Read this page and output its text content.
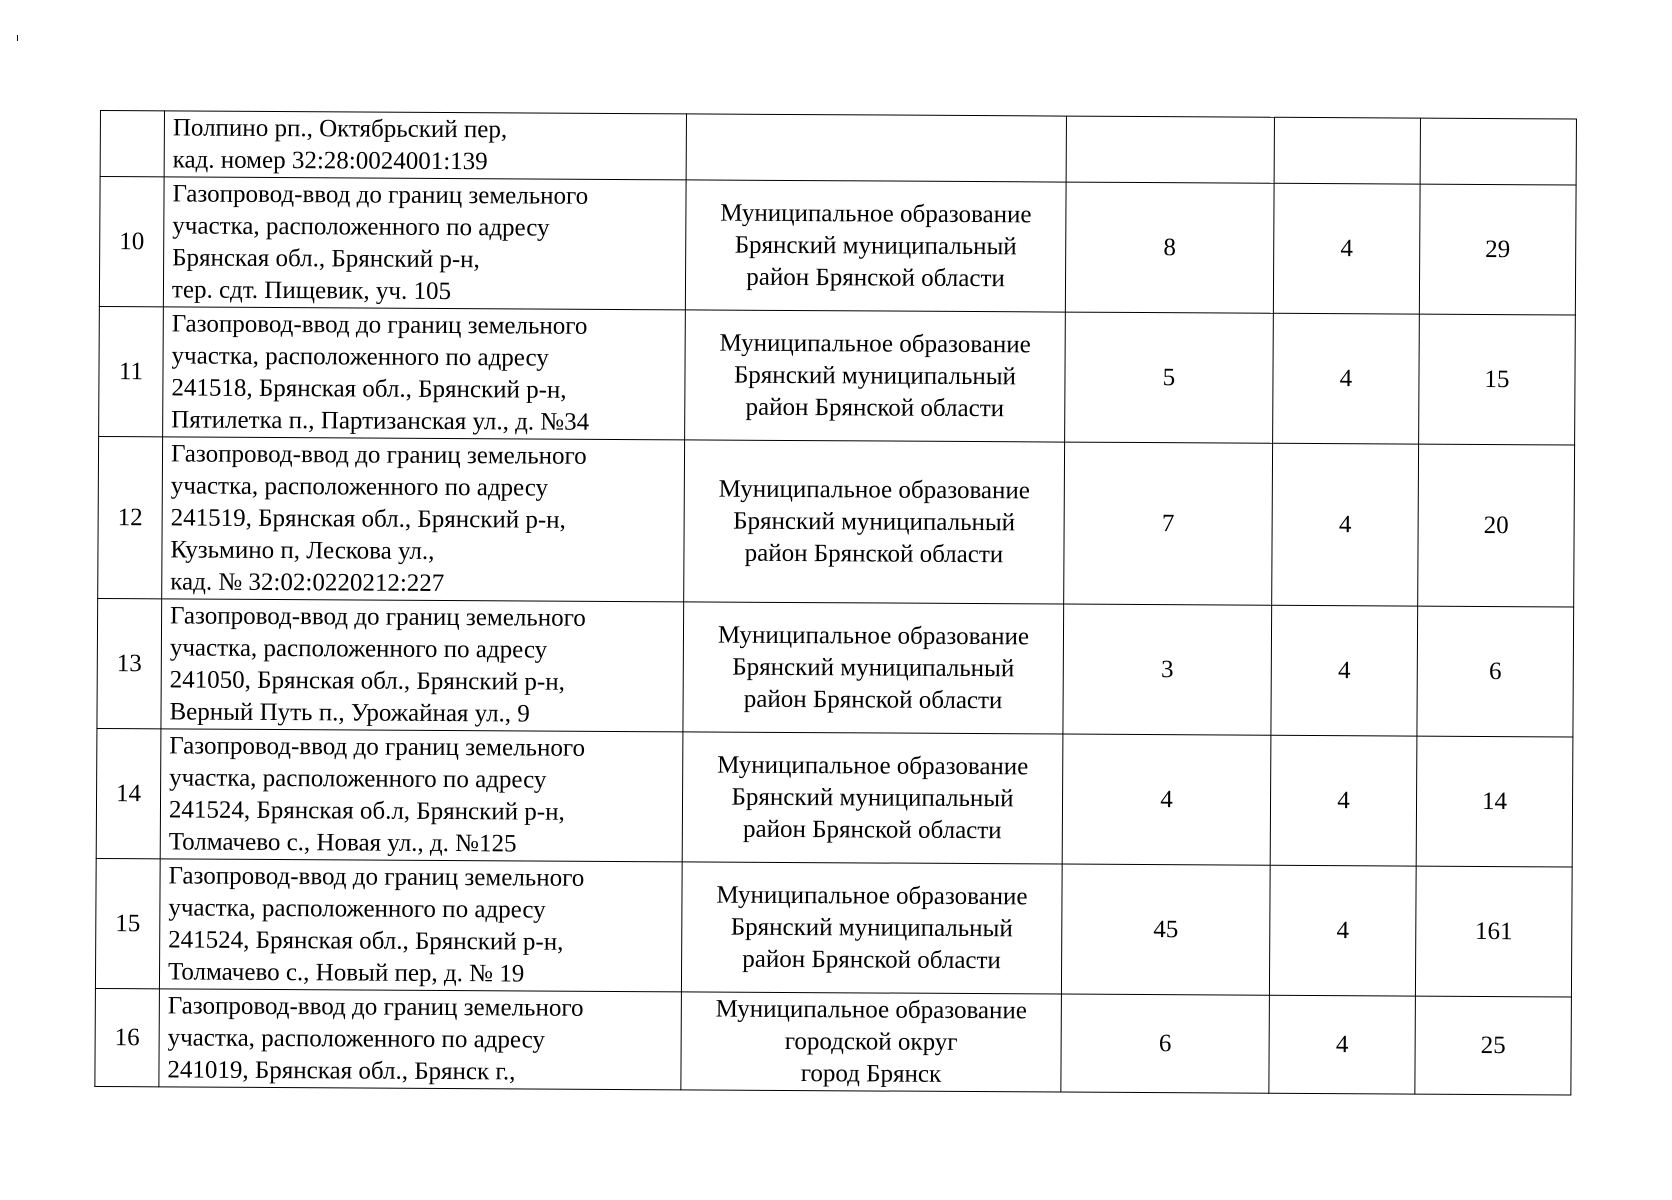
	Полпино рп., Октябрьский пер,
кад. номер 32:28:0024001:139				

10	Газопровод-ввод до границ земельного
участка, расположенного по адресу
Брянская обл., Брянский р-н,
тер. сдт. Пищевик, уч. 105	Муниципальное образование
Брянский муниципальный
район Брянской области	8	4	29
11	Газопровод-ввод до границ земельного
участка, расположенного по адресу
241518, Брянская обл., Брянский р-н,
Пятилетка п., Партизанская ул., д. №34	Муниципальное образование
Брянский муниципальный
район Брянской области	5	4	15
12	Газопровод-ввод до границ земельного
участка, расположенного по адресу
241519, Брянская обл., Брянский р-н,
Кузьмино п, Лескова ул.,
кад. № 32:02:0220212:227	Муниципальное образование
Брянский муниципальный
район Брянской области	7	4	20
13	Газопровод-ввод до границ земельного
участка, расположенного по адресу
241050, Брянская обл., Брянский р-н,
Верный Путь п., Урожайная ул., 9	Муниципальное образование
Брянский муниципальный
район Брянской области	3	4	6
14	Газопровод-ввод до границ земельного
участка, расположенного по адресу
241524, Брянская об.л, Брянский р-н,
Толмачево с., Новая ул., д. №125	Муниципальное образование
Брянский муниципальный
район Брянской области	4	4	14
15	Газопровод-ввод до границ земельного
участка, расположенного по адресу
241524, Брянская обл., Брянский р-н,
Толмачево с., Новый пер, д. № 19	Муниципальное образование
Брянский муниципальный
район Брянской области	45	4	161
16	Газопровод-ввод до границ земельного
участка, расположенного по адресу
241019, Брянская обл., Брянск г.,	Муниципальное образование
городской округ
город Брянск	6	4	25
